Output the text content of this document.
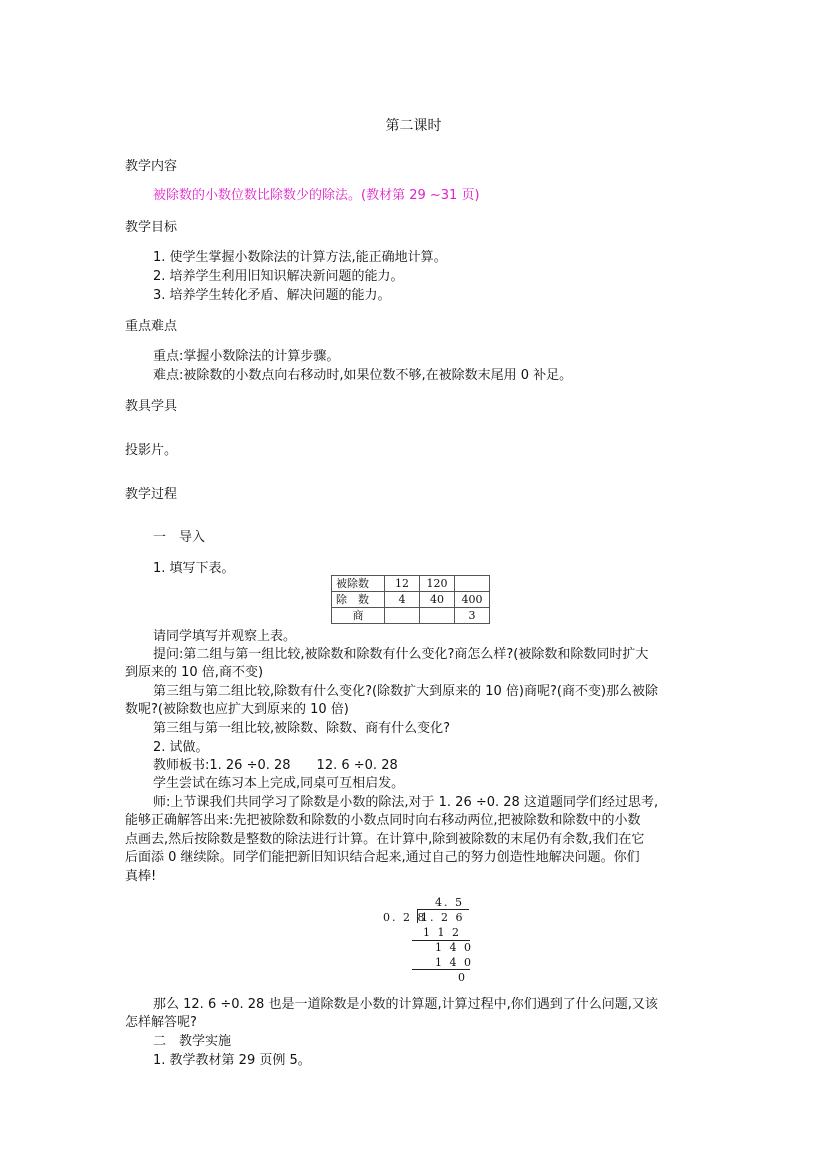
第二课时
教学内容
被除数的小数位数比除数少的除法。(教材第 29 ~31 页)
教学目标
1. 使学生掌握小数除法的计算方法,能正确地计算。
2. 培养学生利用旧知识解决新问题的能力。
3. 培养学生转化矛盾、解决问题的能力。
重点难点
重点:掌握小数除法的计算步骤。
难点:被除数的小数点向右移动时,如果位数不够,在被除数末尾用 0 补足。
教具学具
投影片。
教学过程
一　导入
1. 填写下表。
被除数	12	120	
除　数	4	40	400
商			3
请同学填写并观察上表。
提问:第二组与第一组比较,被除数和除数有什么变化?商怎么样?(被除数和除数同时扩大
到原来的 10 倍,商不变)
第三组与第二组比较,除数有什么变化?(除数扩大到原来的 10 倍)商呢?(商不变)那么被除
数呢?(被除数也应扩大到原来的 10 倍)
第三组与第一组比较,被除数、除数、商有什么变化?
2. 试做。
教师板书:1. 26 ÷0. 28　　12. 6 ÷0. 28
学生尝试在练习本上完成,同桌可互相启发。
师:上节课我们共同学习了除数是小数的除法,对于 1. 26 ÷0. 28 这道题同学们经过思考,
能够正确解答出来:先把被除数和除数的小数点同时向右移动两位,把被除数和除数中的小数
点画去,然后按除数是整数的除法进行计算。在计算中,除到被除数的末尾仍有余数,我们在它
后面添 0 继续除。同学们能把新旧知识结合起来,通过自己的努力创造性地解决问题。你们
真棒!
4. 5
0. 2 8
1. 2 6
1 1 2
1 4 0
1 4 0
0
那么 12. 6 ÷0. 28 也是一道除数是小数的计算题,计算过程中,你们遇到了什么问题,又该
怎样解答呢?
二　教学实施
1. 教学教材第 29 页例 5。
